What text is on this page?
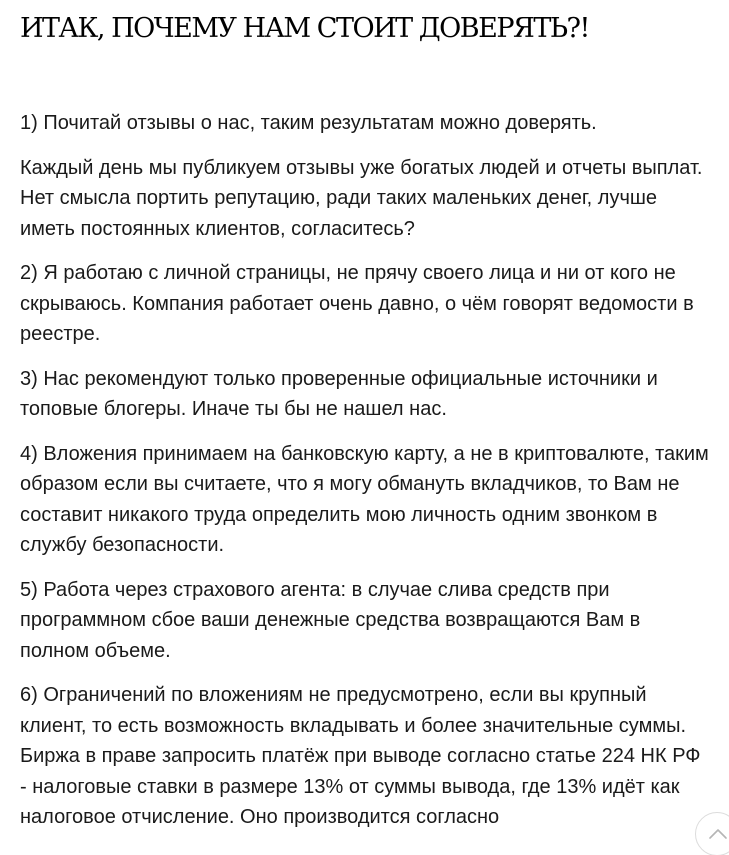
ИТАК, ПОЧЕМУ НАМ СТОИТ ДОВЕРЯТЬ?!

1) Почитай отзывы о нас, таким результатам можно доверять.

Каждый день мы публикуем отзывы уже богатых людей и отчеты выплат. Нет смысла портить репутацию, ради таких маленьких денег, лучше иметь постоянных клиентов, согласитесь?

2) Я работаю с личной страницы, не прячу своего лица и ни от кого не скрываюсь. Компания работает очень давно, о чём говорят ведомости в реестре.

3) Нас рекомендуют только проверенные официальные источники и топовые блогеры. Иначе ты бы не нашел нас.

4) Вложения принимаем на банковскую карту, а не в криптовалюте, таким образом если вы считаете, что я могу обмануть вкладчиков, то Вам не составит никакого труда определить мою личность одним звонком в службу безопасности.

5) Работа через страхового агента: в случае слива средств при программном сбое ваши денежные средства возвращаются Вам в полном объеме.

6) Ограничений по вложениям не предусмотрено, если вы крупный клиент, то есть возможность вкладывать и более значительные суммы. Биржа в праве запросить платёж при выводе согласно статье 224 НК РФ - налоговые ставки в размере 13% от суммы вывода, где 13% идёт как налоговое отчисление. Оно производится согласно
